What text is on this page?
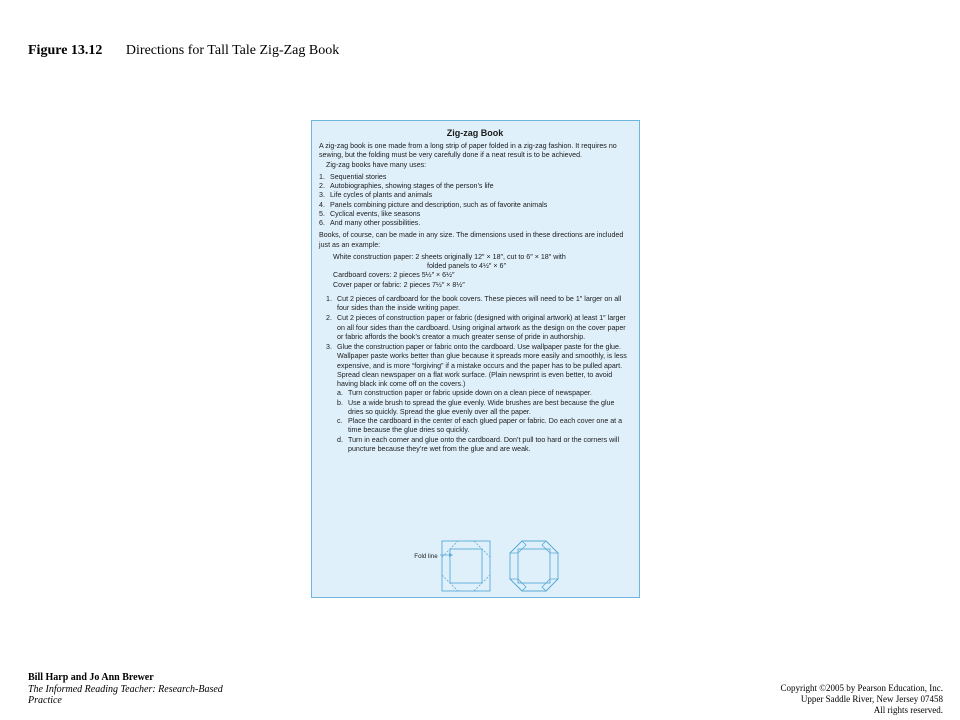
Figure 13.12 Directions for Tall Tale Zig-Zag Book
Zig-zag Book

A zig-zag book is one made from a long strip of paper folded in a zig-zag fashion. It requires no sewing, but the folding must be very carefully done if a neat result is to be achieved.

Zig-zag books have many uses:

1. Sequential stories
2. Autobiographies, showing stages of the person’s life
3. Life cycles of plants and animals
4. Panels combining picture and description, such as of favorite animals
5. Cyclical events, like seasons
6. And many other possibilities.

Books, of course, can be made in any size. The dimensions used in these directions are included just as an example:

White construction paper: 2 sheets originally 12″ × 18″, cut to 6″ × 18″ with
folded panels to 4½″ × 6″
Cardboard covers: 2 pieces 5½″ × 6½″
Cover paper or fabric: 2 pieces 7½″ × 8½″
1. Cut 2 pieces of cardboard for the book covers. These pieces will need to be 1″ larger on all four sides than the inside writing paper.
2. Cut 2 pieces of construction paper or fabric (designed with original artwork) at least 1″ larger on all four sides than the cardboard. Using original artwork as the design on the cover paper or fabric affords the book’s creator a much greater sense of pride in authorship.
3. Glue the construction paper or fabric onto the cardboard. Use wallpaper paste for the glue. Wallpaper paste works better than glue because it spreads more easily and smoothly, is less expensive, and is more “forgiving” if a mistake occurs and the paper has to be pulled apart. Spread clean newspaper on a flat work surface. (Plain newsprint is even better, to avoid having black ink come off on the covers.)
a. Turn construction paper or fabric upside down on a clean piece of newspaper.
b. Use a wide brush to spread the glue evenly. Wide brushes are best because the glue dries so quickly. Spread the glue evenly over all the paper.
c. Place the cardboard in the center of each glued paper or fabric. Do each cover one at a time because the glue dries so quickly.
d. Turn in each corner and glue onto the cardboard. Don’t pull too hard or the corners will puncture because they’re wet from the glue and are weak.
Fold line
Bill Harp and Jo Ann Brewer
The Informed Reading Teacher: Research-Based Practice
Copyright ©2005 by Pearson Education, Inc.
Upper Saddle River, New Jersey 07458
All rights reserved.
